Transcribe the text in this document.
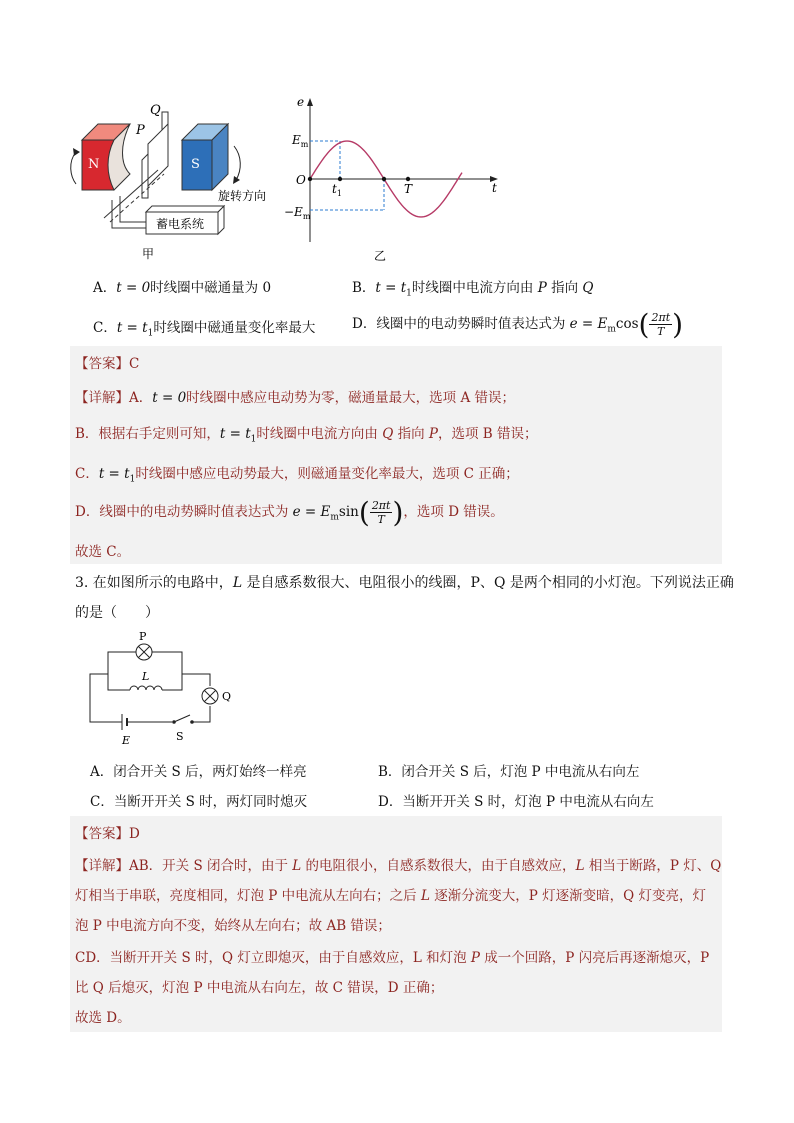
N
Q
P
S
旋转方向
蓄电系统
甲
e
t
O
$E_m$
$-E_m$
$t_1$	T
乙
A．t = 0时线圈中磁通量为 0	B．$t = t_1$时线圈中电流方向由 P 指向 Q
C．$t = t_1$时线圈中磁通量变化率最大	D．线圈中的电动势瞬时值表达式为 $e = E_m\cos( \frac{2\pi t}{T}$ )
【答案】C
【详解】A．t = 0时线圈中感应电动势为零，磁通量最大，选项 A 错误；
B．根据右手定则可知，$t = t_1$时线圈中电流方向由 Q 指向 P，选项 B 错误；
C．$t = t_1$时线圈中感应电动势最大，则磁通量变化率最大，选项 C 正确；
D．线圈中的电动势瞬时值表达式为 $e = E_m\sin( \frac{2\pi t}{T}$ )，选项 D 错误。
故选 C。
3. 在如图所示的电路中，L 是自感系数很大、电阻很小的线圈，P、Q 是两个相同的小灯泡。下列说法正确
的是（　　）
P
L
Q
E	S
A．闭合开关 S 后，两灯始终一样亮	B．闭合开关 S 后，灯泡 P 中电流从右向左
C．当断开开关 S 时，两灯同时熄灭	D．当断开开关 S 时，灯泡 P 中电流从右向左
【答案】D
【详解】AB．开关 S 闭合时，由于 L 的电阻很小，自感系数很大，由于自感效应，L 相当于断路，P 灯、Q
灯相当于串联，亮度相同，灯泡 P 中电流从左向右；之后 L 逐渐分流变大，P 灯逐渐变暗，Q 灯变亮，灯
泡 P 中电流方向不变，始终从左向右；故 AB 错误；
CD．当断开开关 S 时，Q 灯立即熄灭，由于自感效应，L 和灯泡 P 成一个回路，P 闪亮后再逐渐熄灭，P
比 Q 后熄灭，灯泡 P 中电流从右向左，故 C 错误，D 正确；
故选 D。
